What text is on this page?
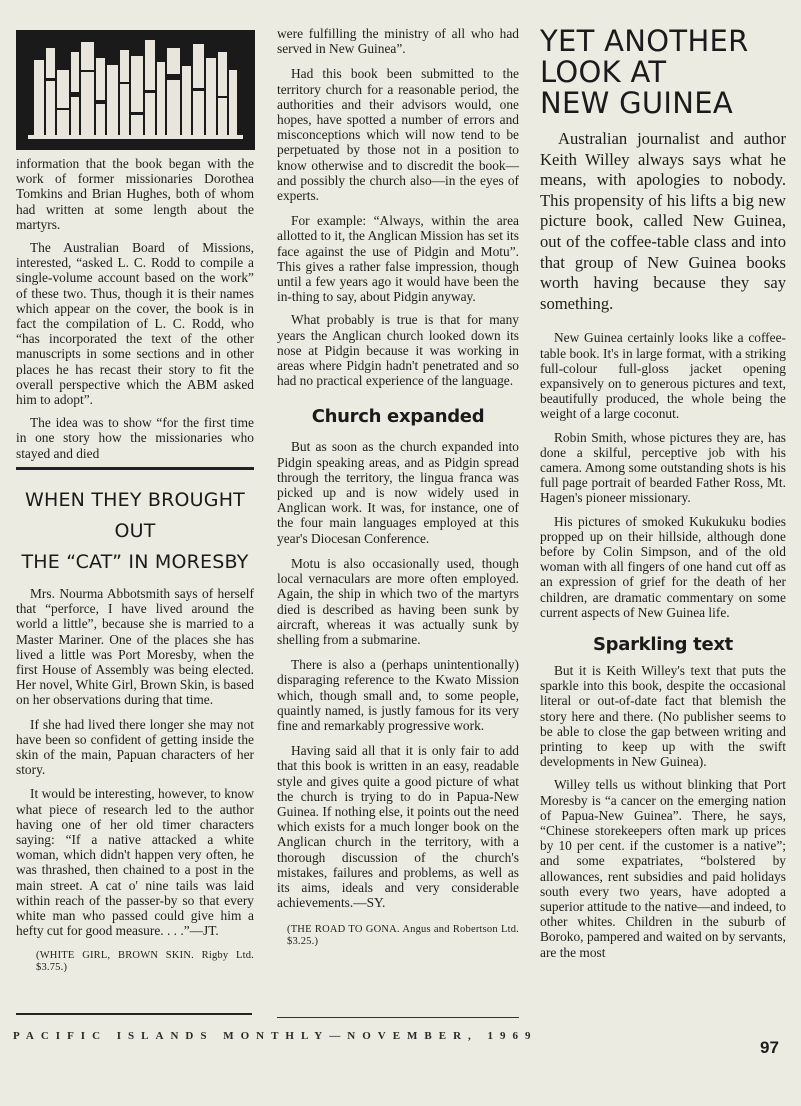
information that the book began with the work of former missionaries Dorothea Tomkins and Brian Hughes, both of whom had written at some length about the martyrs.

The Australian Board of Missions, interested, “asked L. C. Rodd to compile a single-volume account based on the work” of these two. Thus, though it is their names which appear on the cover, the book is in fact the compilation of L. C. Rodd, who “has incorporated the text of the other manuscripts in some sections and in other places he has recast their story to fit the overall perspective which the ABM asked him to adopt”.

The idea was to show “for the first time in one story how the missionaries who stayed and died

WHEN THEY BROUGHT OUT
THE “CAT” IN MORESBY

Mrs. Nourma Abbotsmith says of herself that “perforce, I have lived around the world a little”, because she is married to a Master Mariner. One of the places she has lived a little was Port Moresby, when the first House of Assembly was being elected. Her novel, White Girl, Brown Skin, is based on her observations during that time.

If she had lived there longer she may not have been so confident of getting inside the skin of the main, Papuan characters of her story.

It would be interesting, however, to know what piece of research led to the author having one of her old timer characters saying: “If a native attacked a white woman, which didn't happen very often, he was thrashed, then chained to a post in the main street. A cat o' nine tails was laid within reach of the passer-by so that every white man who passed could give him a hefty cut for good measure. . . .”—JT.

(WHITE GIRL, BROWN SKIN. Rigby Ltd. $3.75.)

were fulfilling the ministry of all who had served in New Guinea”.

Had this book been submitted to the territory church for a reasonable period, the authorities and their advisors would, one hopes, have spotted a number of errors and misconceptions which will now tend to be perpetuated by those not in a position to know otherwise and to discredit the book—and possibly the church also—in the eyes of experts.

For example: “Always, within the area allotted to it, the Anglican Mission has set its face against the use of Pidgin and Motu”. This gives a rather false impression, though until a few years ago it would have been the in-thing to say, about Pidgin anyway.

What probably is true is that for many years the Anglican church looked down its nose at Pidgin because it was working in areas where Pidgin hadn't penetrated and so had no practical experience of the language.

Church expanded

But as soon as the church expanded into Pidgin speaking areas, and as Pidgin spread through the territory, the lingua franca was picked up and is now widely used in Anglican work. It was, for instance, one of the four main languages employed at this year's Diocesan Conference.

Motu is also occasionally used, though local vernaculars are more often employed. Again, the ship in which two of the martyrs died is described as having been sunk by aircraft, whereas it was actually sunk by shelling from a submarine.

There is also a (perhaps unintentionally) disparaging reference to the Kwato Mission which, though small and, to some people, quaintly named, is justly famous for its very fine and remarkably progressive work.

Having said all that it is only fair to add that this book is written in an easy, readable style and gives quite a good picture of what the church is trying to do in Papua-New Guinea. If nothing else, it points out the need which exists for a much longer book on the Anglican church in the territory, with a thorough discussion of the church's mistakes, failures and problems, as well as its aims, ideals and very considerable achievements.—SY.

(THE ROAD TO GONA. Angus and Robertson Ltd. $3.25.)
YET ANOTHER
LOOK AT
NEW GUINEA

Australian journalist and author Keith Willey always says what he means, with apologies to nobody. This propensity of his lifts a big new picture book, called New Guinea, out of the coffee-table class and into that group of New Guinea books worth having because they say something.

New Guinea certainly looks like a coffee-table book. It's in large format, with a striking full-colour full-gloss jacket opening expansively on to generous pictures and text, beautifully produced, the whole being the weight of a large coconut.

Robin Smith, whose pictures they are, has done a skilful, perceptive job with his camera. Among some outstanding shots is his full page portrait of bearded Father Ross, Mt. Hagen's pioneer missionary.

His pictures of smoked Kukukuku bodies propped up on their hillside, although done before by Colin Simpson, and of the old woman with all fingers of one hand cut off as an expression of grief for the death of her children, are dramatic commentary on some current aspects of New Guinea life.

Sparkling text

But it is Keith Willey's text that puts the sparkle into this book, despite the occasional literal or out-of-date fact that blemish the story here and there. (No publisher seems to be able to close the gap between writing and printing to keep up with the swift developments in New Guinea).

Willey tells us without blinking that Port Moresby is “a cancer on the emerging nation of Papua-New Guinea”. There, he says, “Chinese storekeepers often mark up prices by 10 per cent. if the customer is a native”; and some expatriates, “bolstered by allowances, rent subsidies and paid holidays south every two years, have adopted a superior attitude to the native—and indeed, to other whites. Children in the suburb of Boroko, pampered and waited on by servants, are the most

PACIFIC ISLANDS MONTHLY—NOVEMBER, 1969
97
